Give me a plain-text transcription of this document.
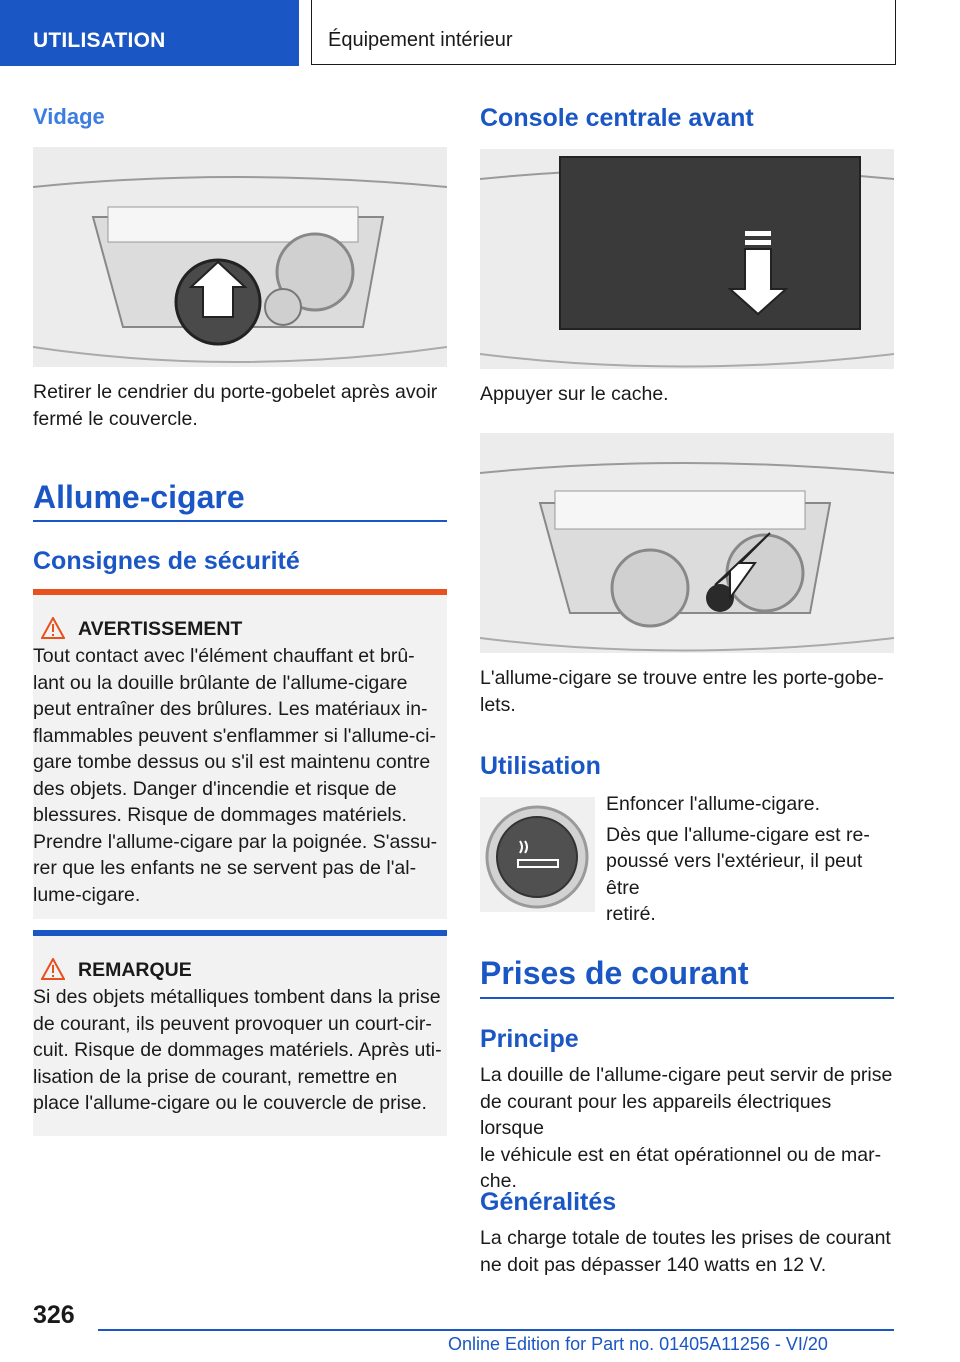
UTILISATION	Équipement intérieur
Vidage
Retirer le cendrier du porte-gobelet après avoir
fermé le couvercle.
Allume-cigare
Consignes de sécurité
AVERTISSEMENT
Tout contact avec l'élément chauffant et brû-
lant ou la douille brûlante de l'allume-cigare
peut entraîner des brûlures. Les matériaux in-
flammables peuvent s'enflammer si l'allume-ci-
gare tombe dessus ou s'il est maintenu contre
des objets. Danger d'incendie et risque de
blessures. Risque de dommages matériels.
Prendre l'allume-cigare par la poignée. S'assu-
rer que les enfants ne se servent pas de l'al-
lume-cigare.
REMARQUE
Si des objets métalliques tombent dans la prise
de courant, ils peuvent provoquer un court-cir-
cuit. Risque de dommages matériels. Après uti-
lisation de la prise de courant, remettre en
place l'allume-cigare ou le couvercle de prise.
Console centrale avant
Appuyer sur le cache.
L'allume-cigare se trouve entre les porte-gobe-
lets.
Utilisation
Enfoncer l'allume-cigare.
Dès que l'allume-cigare est re-
poussé vers l'extérieur, il peut être
retiré.
Prises de courant
Principe
La douille de l'allume-cigare peut servir de prise
de courant pour les appareils électriques lorsque
le véhicule est en état opérationnel ou de mar-
che.
Généralités
La charge totale de toutes les prises de courant
ne doit pas dépasser 140 watts en 12 V.
326
Online Edition for Part no. 01405A11256 - VI/20
